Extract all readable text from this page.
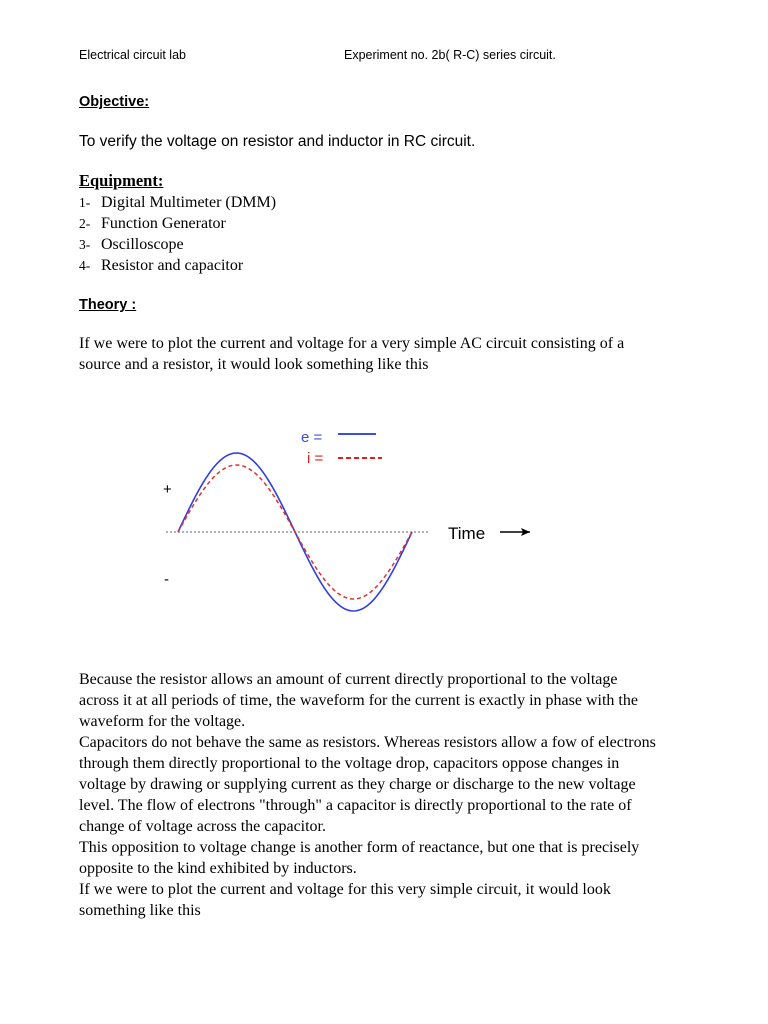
Electrical circuit lab	Experiment no. 2b( R-C) series circuit.
Objective:
To verify the voltage on resistor and inductor in RC circuit.
Equipment:
1- Digital Multimeter (DMM)
2- Function Generator
3- Oscilloscope
4- Resistor and capacitor
Theory :
If we were to plot the current and voltage for a very simple AC circuit consisting of a
source and a resistor, it would look something like this
e =
i =
+
-
Time
Because the resistor allows an amount of current directly proportional to the voltage
across it at all periods of time, the waveform for the current is exactly in phase with the
waveform for the voltage.
Capacitors do not behave the same as resistors. Whereas resistors allow a fow of electrons
through them directly proportional to the voltage drop, capacitors oppose changes in
voltage by drawing or supplying current as they charge or discharge to the new voltage
level. The flow of electrons "through" a capacitor is directly proportional to the rate of
change of voltage across the capacitor.
This opposition to voltage change is another form of reactance, but one that is precisely
opposite to the kind exhibited by inductors.
If we were to plot the current and voltage for this very simple circuit, it would look
something like this
